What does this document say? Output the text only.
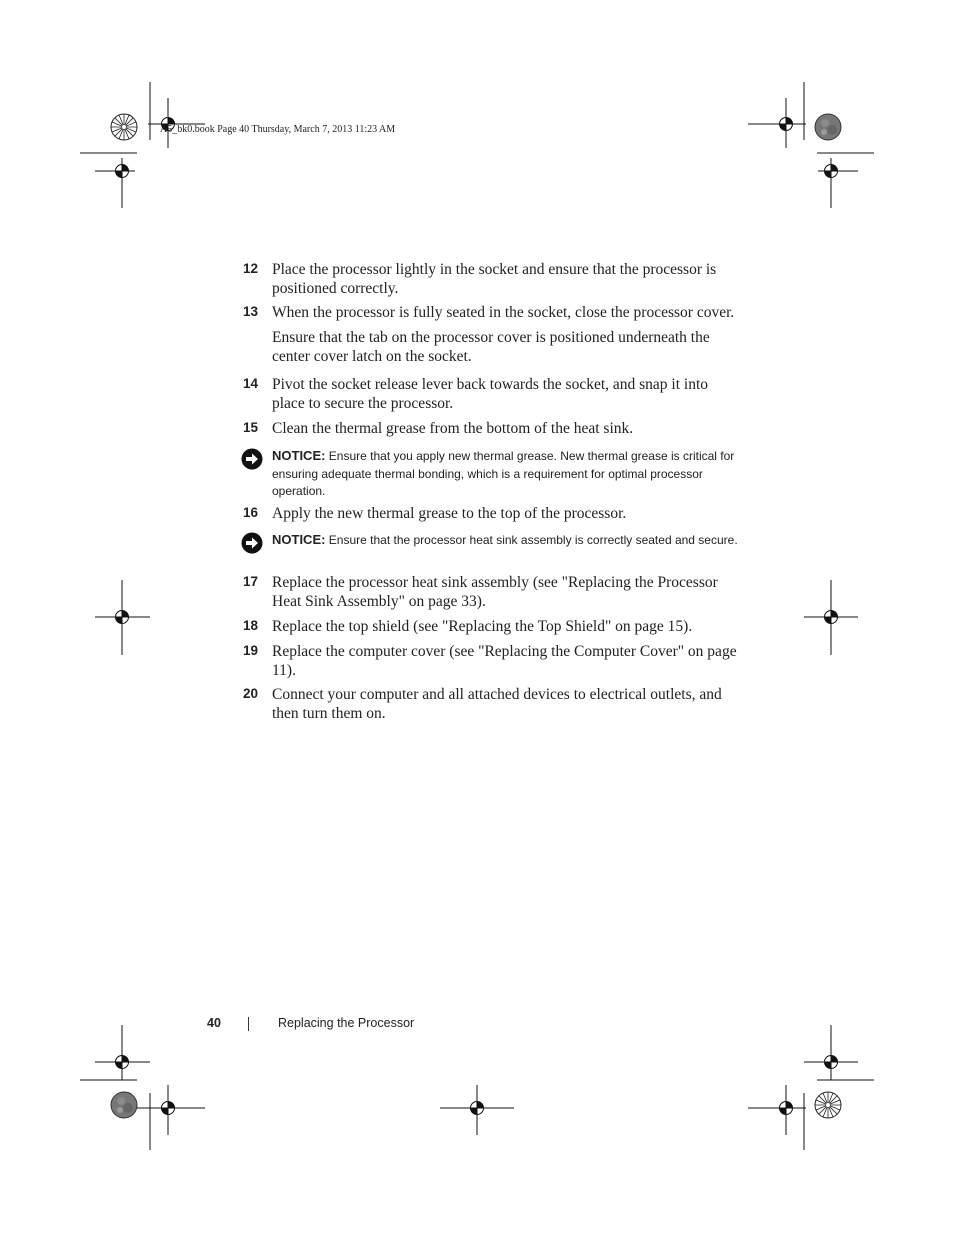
A5_bk0.book Page 40 Thursday, March 7, 2013 11:23 AM
12 Place the processor lightly in the socket and ensure that the processor is positioned correctly.

13 When the processor is fully seated in the socket, close the processor cover.

Ensure that the tab on the processor cover is positioned underneath the center cover latch on the socket.

14 Pivot the socket release lever back towards the socket, and snap it into place to secure the processor.

15 Clean the thermal grease from the bottom of the heat sink.

NOTICE: Ensure that you apply new thermal grease. New thermal grease is critical for ensuring adequate thermal bonding, which is a requirement for optimal processor operation.
16 Apply the new thermal grease to the top of the processor.

NOTICE: Ensure that the processor heat sink assembly is correctly seated and secure.
17 Replace the processor heat sink assembly (see "Replacing the Processor Heat Sink Assembly" on page 33).

18 Replace the top shield (see "Replacing the Top Shield" on page 15).

19 Replace the computer cover (see "Replacing the Computer Cover" on page 11).

20 Connect your computer and all attached devices to electrical outlets, and then turn them on.

40	Replacing the Processor
